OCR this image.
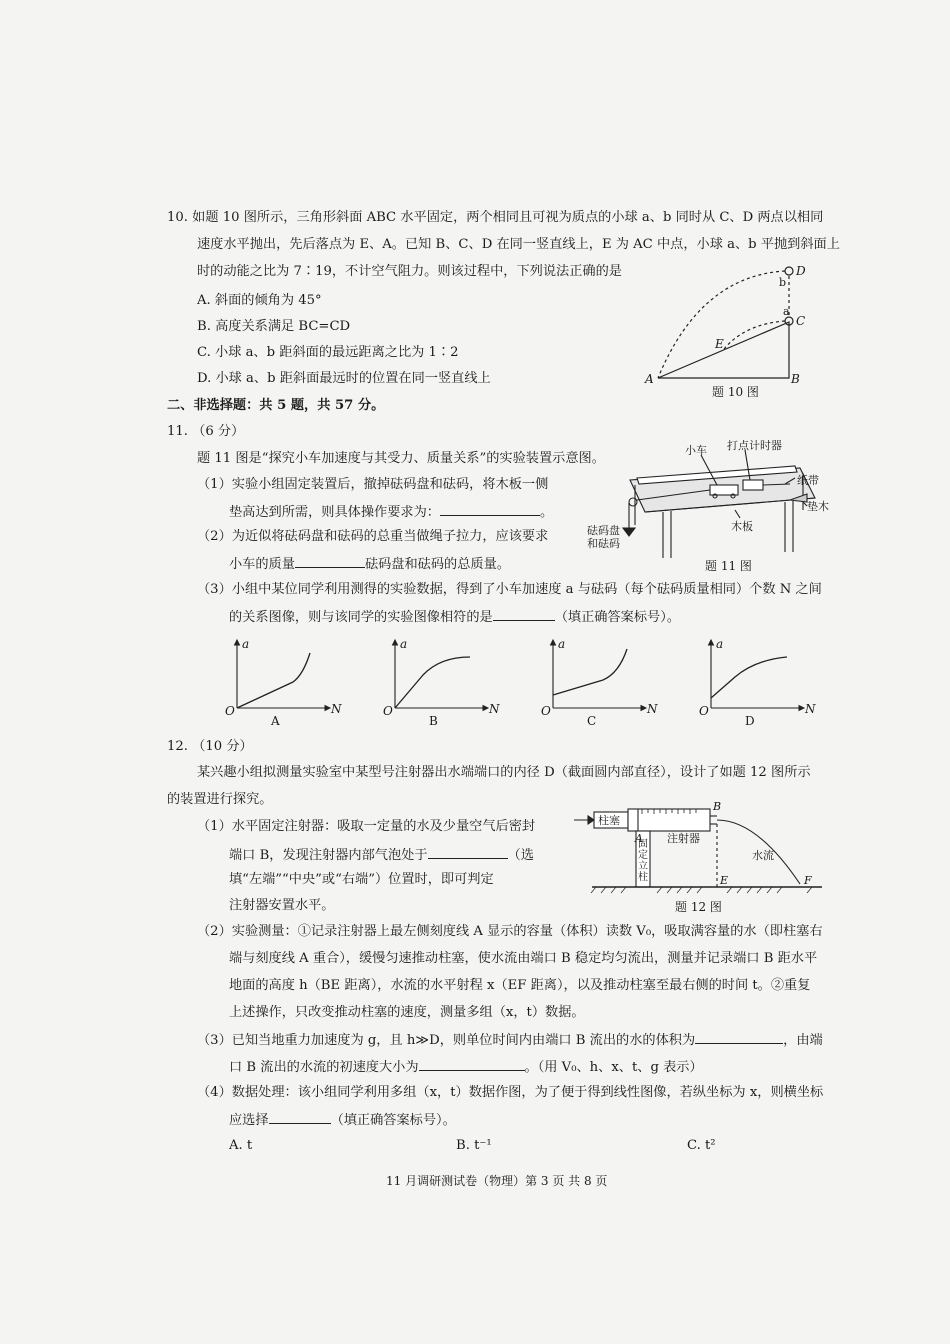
10. 如题 10 图所示，三角形斜面 ABC 水平固定，两个相同且可视为质点的小球 a、b 同时从 C、D 两点以相同
速度水平抛出，先后落点为 E、A。已知 B、C、D 在同一竖直线上，E 为 AC 中点，小球 a、b 平抛到斜面上
时的动能之比为 7∶19，不计空气阻力。则该过程中，下列说法正确的是
A. 斜面的倾角为 45°
B. 高度关系满足 BC=CD
C. 小球 a、b 距斜面的最远距离之比为 1∶2
D. 小球 a、b 距斜面最远时的位置在同一竖直线上
D
b
a
C
E
A	B
题 10 图
二、非选择题：共 5 题，共 57 分。
11. （6 分）
题 11 图是“探究小车加速度与其受力、质量关系”的实验装置示意图。
（1）实验小组固定装置后，撤掉砝码盘和砝码，将木板一侧
垫高达到所需，则具体操作要求为：	。
（2）为近似将砝码盘和砝码的总重当做绳子拉力，应该要求
小车的质量	砝码盘和砝码的总质量。
（3）小组中某位同学利用测得的实验数据，得到了小车加速度 a 与砝码（每个砝码质量相同）个数 N 之间
的关系图像，则与该同学的实验图像相符的是	（填正确答案标号）。
小车 打点计时器
纸带
垫木
木板
砝码盘
和砝码
题 11 图
a
N
O
A
a
N
O
B
a
N
O
C
a
N
O
D
12. （10 分）
某兴趣小组拟测量实验室中某型号注射器出水端端口的内径 D（截面圆内部直径），设计了如题 12 图所示
的装置进行探究。
（1）水平固定注射器：吸取一定量的水及少量空气后密封
端口 B，发现注射器内部气泡处于	（选
填“左端”“中央”或“右端”）位置时，即可判定
注射器安置水平。
柱塞
A
B
注射器
固
定
立
柱
水流
E	F
题 12 图
（2）实验测量：①记录注射器上最左侧刻度线 A 显示的容量（体积）读数 V₀，吸取满容量的水（即柱塞右
端与刻度线 A 重合），缓慢匀速推动柱塞，使水流由端口 B 稳定均匀流出，测量并记录端口 B 距水平
地面的高度 h（BE 距离），水流的水平射程 x（EF 距离），以及推动柱塞至最右侧的时间 t。②重复
上述操作，只改变推动柱塞的速度，测量多组（x，t）数据。
（3）已知当地重力加速度为 g，且 h≫D，则单位时间内由端口 B 流出的水的体积为	，由端
口 B 流出的水流的初速度大小为	。（用 V₀、h、x、t、g 表示）
（4）数据处理：该小组同学利用多组（x，t）数据作图，为了便于得到线性图像，若纵坐标为 x，则横坐标
应选择	（填正确答案标号）。
A. t	B. t⁻¹	C. t²
11 月调研测试卷（物理）第 3 页 共 8 页
